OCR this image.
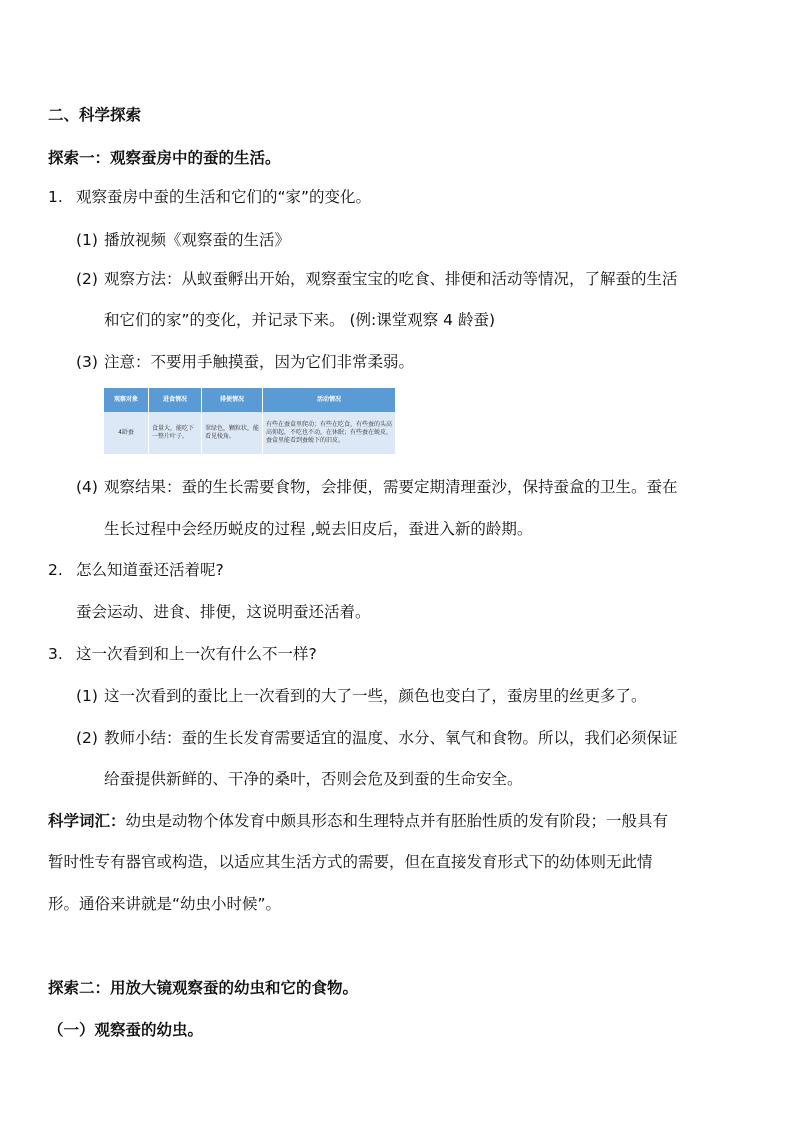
二、科学探索
探索一：观察蚕房中的蚕的生活。
1. 观察蚕房中蚕的生活和它们的“家”的变化。
(1) 播放视频《观察蚕的生活》
(2) 观察方法：从蚁蚕孵出开始，观察蚕宝宝的吃食、排便和活动等情况，了解蚕的生活
和它们的家”的变化，并记录下来。 (例:课堂观察 4 龄蚕)
(3) 注意：不要用手触摸蚕，因为它们非常柔弱。
观察对象	进食情况	排便情况	活动情况
4龄蚕	食量大，能吃下一整片叶子。	翠绿色，颗粒状，能看见棱角。	有些在蚕盒里爬动；有些在吃食，有些蚕的头高高仰起，不吃也不动，在休眠；有些蚕在蜕皮，蚕盒里能看到蚕蜕下的旧皮。
(4) 观察结果：蚕的生长需要食物，会排便，需要定期清理蚕沙，保持蚕盒的卫生。蚕在
生长过程中会经历蜕皮的过程 ,蜕去旧皮后，蚕进入新的龄期。
2. 怎么知道蚕还活着呢?
蚕会运动、进食、排便，这说明蚕还活着。
3. 这一次看到和上一次有什么不一样?
(1) 这一次看到的蚕比上一次看到的大了一些，颜色也变白了，蚕房里的丝更多了。
(2) 教师小结：蚕的生长发育需要适宜的温度、水分、氧气和食物。所以，我们必须保证
给蚕提供新鲜的、干净的桑叶，否则会危及到蚕的生命安全。
科学词汇：幼虫是动物个体发育中颇具形态和生理特点并有胚胎性质的发有阶段；一般具有
暂时性专有器官或构造，以适应其生活方式的需要，但在直接发育形式下的幼体则无此情
形。通俗来讲就是“幼虫小时候”。
探索二：用放大镜观察蚕的幼虫和它的食物。
（一）观察蚕的幼虫。
